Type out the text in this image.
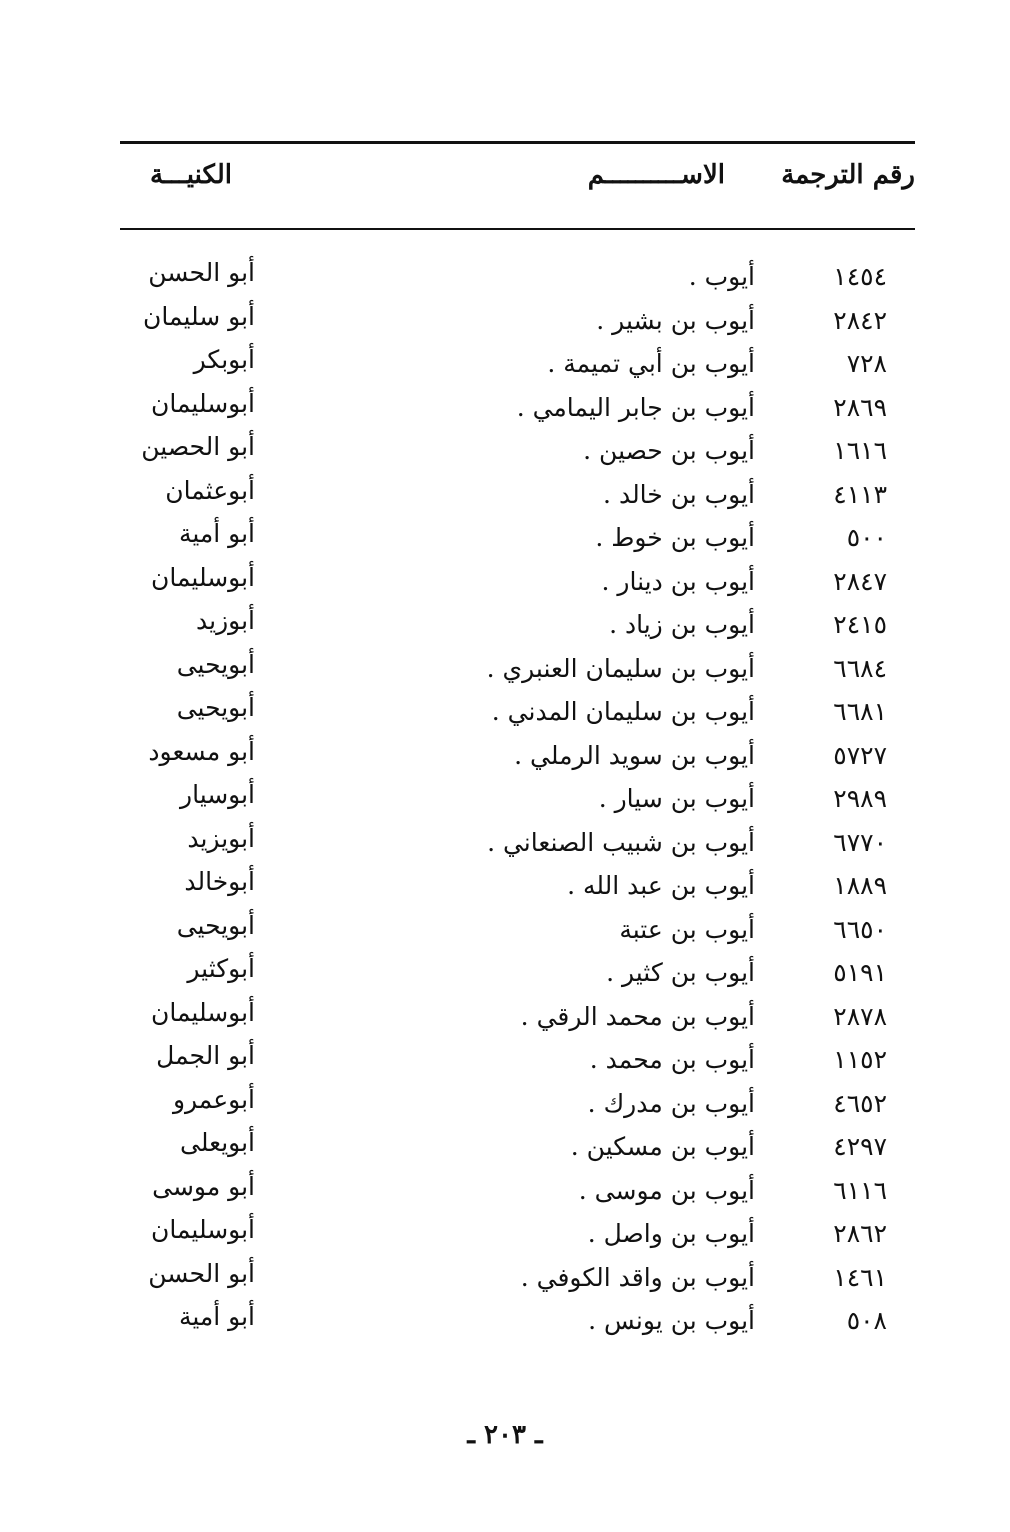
رقم الترجمة
الاســــــــــم
الكنيـــة
١٤٥٤
أيوب .
أبو الحسن
٢٨٤٢
أيوب بن بشير .
أبو سليمان
٧٢٨
أيوب بن أبي تميمة .
أبوبكر
٢٨٦٩
أيوب بن جابر اليمامي .
أبوسليمان
١٦١٦
أيوب بن حصين .
أبو الحصين
٤١١٣
أيوب بن خالد .
أبوعثمان
٥٠٠
أيوب بن خوط .
أبو أمية
٢٨٤٧
أيوب بن دينار .
أبوسليمان
٢٤١٥
أيوب بن زياد .
أبوزيد
٦٦٨٤
أيوب بن سليمان العنبري .
أبويحيى
٦٦٨١
أيوب بن سليمان المدني .
أبويحيى
٥٧٢٧
أيوب بن سويد الرملي .
أبو مسعود
٢٩٨٩
أيوب بن سيار .
أبوسيار
٦٧٧٠
أيوب بن شبيب الصنعاني .
أبويزيد
١٨٨٩
أيوب بن عبد الله .
أبوخالد
٦٦٥٠
أيوب بن عتبة
أبويحيى
٥١٩١
أيوب بن كثير .
أبوكثير
٢٨٧٨
أيوب بن محمد الرقي .
أبوسليمان
١١٥٢
أيوب بن محمد .
أبو الجمل
٤٦٥٢
أيوب بن مدرك .
أبوعمرو
٤٢٩٧
أيوب بن مسكين .
أبويعلى
٦١١٦
أيوب بن موسى .
أبو موسى
٢٨٦٢
أيوب بن واصل .
أبوسليمان
١٤٦١
أيوب بن واقد الكوفي .
أبو الحسن
٥٠٨
أيوب بن يونس .
أبو أمية
ـ ٢٠٣ ـ
